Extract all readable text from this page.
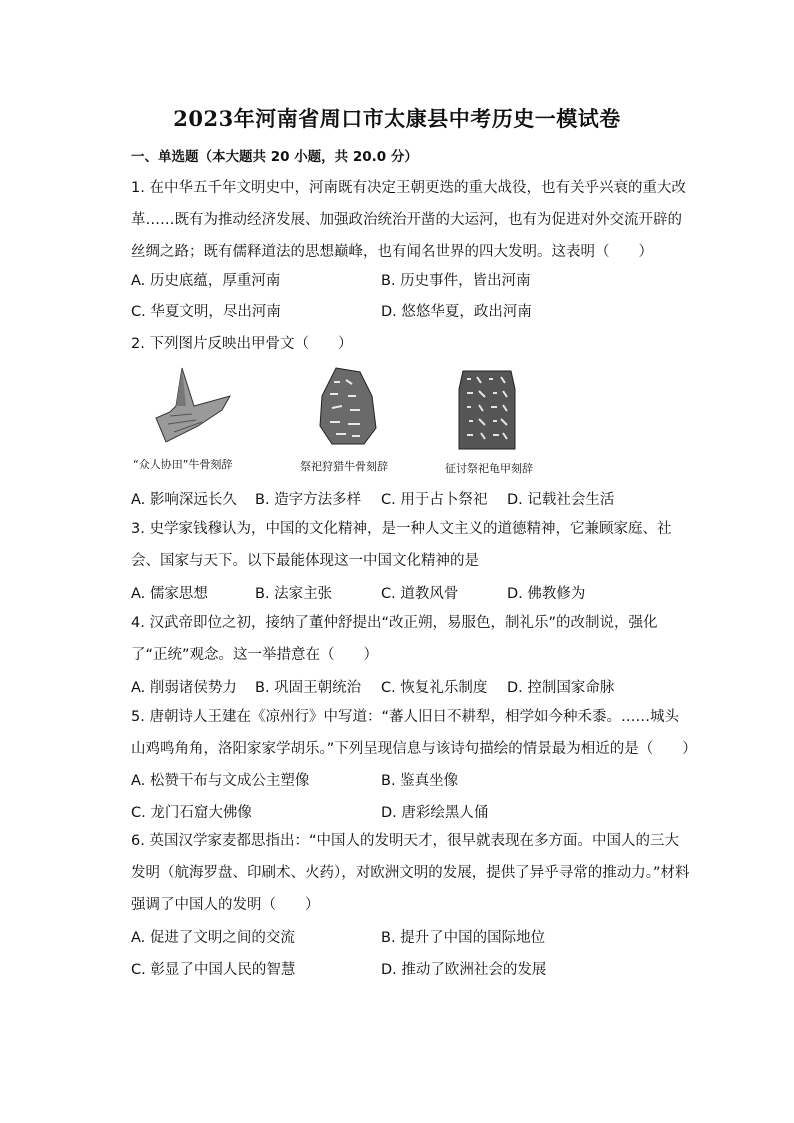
2023年河南省周口市太康县中考历史一模试卷
一、单选题（本大题共 20 小题，共 20.0 分）
1. 在中华五千年文明史中，河南既有决定王朝更迭的重大战役，也有关乎兴衰的重大改革……既有为推动经济发展、加强政治统治开凿的大运河，也有为促进对外交流开辟的丝绸之路；既有儒释道法的思想巅峰，也有闻名世界的四大发明。这表明（　　）
A. 历史底蕴，厚重河南	B. 历史事件，皆出河南
C. 华夏文明，尽出河南	D. 悠悠华夏，政出河南
2. 下列图片反映出甲骨文（　　）
“众人协田”牛骨刻辞	祭祀狩猎牛骨刻辞	征讨祭祀龟甲刻辞
A. 影响深远长久 B. 造字方法多样 C. 用于占卜祭祀 D. 记载社会生活
3. 史学家钱穆认为，中国的文化精神，是一种人文主义的道德精神，它兼顾家庭、社会、国家与天下。以下最能体现这一中国文化精神的是
A. 儒家思想	B. 法家主张	C. 道教风骨	D. 佛教修为
4. 汉武帝即位之初，接纳了董仲舒提出“改正朔，易服色，制礼乐”的改制说，强化了“正统”观念。这一举措意在（　　）
A. 削弱诸侯势力 B. 巩固王朝统治 C. 恢复礼乐制度 D. 控制国家命脉
5. 唐朝诗人王建在《凉州行》中写道：“蕃人旧日不耕犁，相学如今种禾黍。……城头山鸡鸣角角，洛阳家家学胡乐。”下列呈现信息与该诗句描绘的情景最为相近的是（　　）
A. 松赞干布与文成公主塑像	B. 鉴真坐像
C. 龙门石窟大佛像	D. 唐彩绘黑人俑
6. 英国汉学家麦都思指出：“中国人的发明天才，很早就表现在多方面。中国人的三大发明（航海罗盘、印刷术、火药），对欧洲文明的发展，提供了异乎寻常的推动力。”材料强调了中国人的发明（　　）
A. 促进了文明之间的交流	B. 提升了中国的国际地位
C. 彰显了中国人民的智慧	D. 推动了欧洲社会的发展
